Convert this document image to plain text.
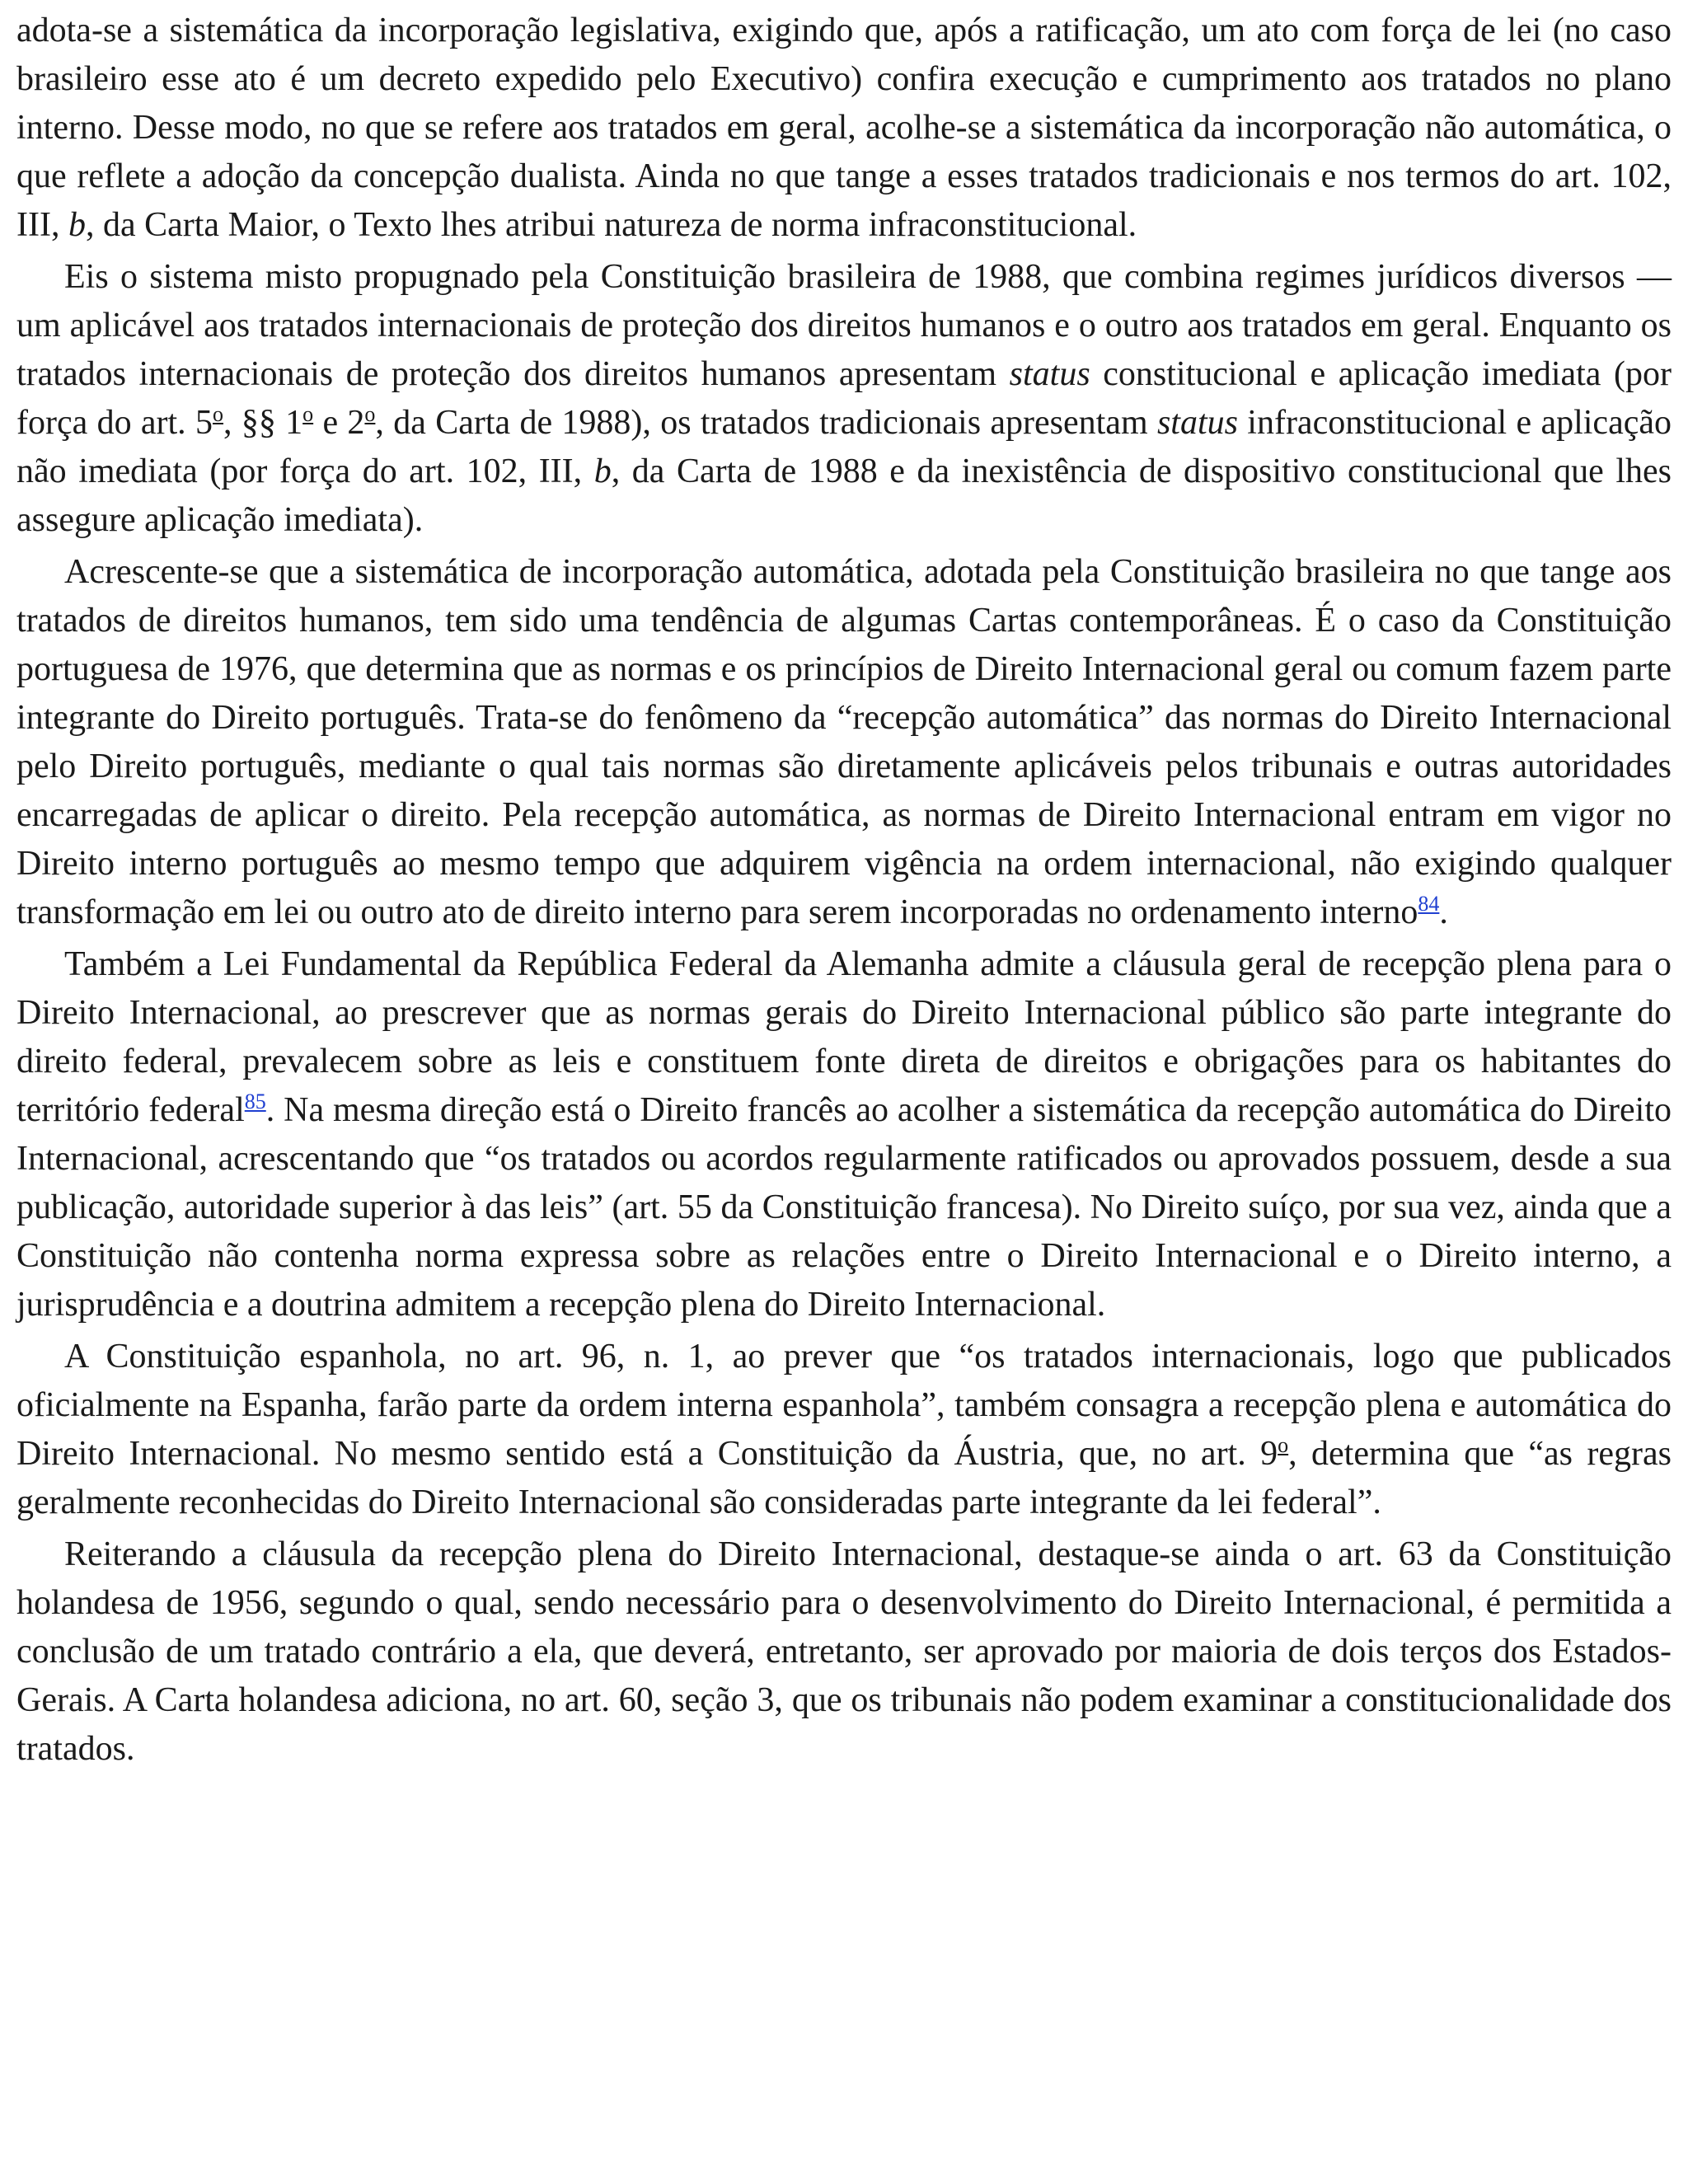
adota-se a sistemática da incorporação legislativa, exigindo que, após a ratificação, um ato com força de lei (no caso brasileiro esse ato é um decreto expedido pelo Executivo) confira execução e cumprimento aos tratados no plano interno. Desse modo, no que se refere aos tratados em geral, acolhe-se a sistemática da incorporação não automática, o que reflete a adoção da concepção dualista. Ainda no que tange a esses tratados tradicionais e nos termos do art. 102, III, b, da Carta Maior, o Texto lhes atribui natureza de norma infraconstitucional.

Eis o sistema misto propugnado pela Constituição brasileira de 1988, que combina regimes jurídicos diversos — um aplicável aos tratados internacionais de proteção dos direitos humanos e o outro aos tratados em geral. Enquanto os tratados internacionais de proteção dos direitos humanos apresentam status constitucional e aplicação imediata (por força do art. 5$^o$, §§ 1$^o$ e 2$^o$, da Carta de 1988), os tratados tradicionais apresentam status infraconstitucional e aplicação não imediata (por força do art. 102, III, b, da Carta de 1988 e da inexistência de dispositivo constitucional que lhes assegure aplicação imediata).

Acrescente-se que a sistemática de incorporação automática, adotada pela Constituição brasileira no que tange aos tratados de direitos humanos, tem sido uma tendência de algumas Cartas contemporâneas. É o caso da Constituição portuguesa de 1976, que determina que as normas e os princípios de Direito Internacional geral ou comum fazem parte integrante do Direito português. Trata-se do fenômeno da “recepção automática” das normas do Direito Internacional pelo Direito português, mediante o qual tais normas são diretamente aplicáveis pelos tribunais e outras autoridades encarregadas de aplicar o direito. Pela recepção automática, as normas de Direito Internacional entram em vigor no Direito interno português ao mesmo tempo que adquirem vigência na ordem internacional, não exigindo qualquer transformação em lei ou outro ato de direito interno para serem incorporadas no ordenamento interno$^{84}$.

Também a Lei Fundamental da República Federal da Alemanha admite a cláusula geral de recepção plena para o Direito Internacional, ao prescrever que as normas gerais do Direito Internacional público são parte integrante do direito federal, prevalecem sobre as leis e constituem fonte direta de direitos e obrigações para os habitantes do território federal$^{85}$. Na mesma direção está o Direito francês ao acolher a sistemática da recepção automática do Direito Internacional, acrescentando que “os tratados ou acordos regularmente ratificados ou aprovados possuem, desde a sua publicação, autoridade superior à das leis” (art. 55 da Constituição francesa). No Direito suíço, por sua vez, ainda que a Constituição não contenha norma expressa sobre as relações entre o Direito Internacional e o Direito interno, a jurisprudência e a doutrina admitem a recepção plena do Direito Internacional.

A Constituição espanhola, no art. 96, n. 1, ao prever que “os tratados internacionais, logo que publicados oficialmente na Espanha, farão parte da ordem interna espanhola”, também consagra a recepção plena e automática do Direito Internacional. No mesmo sentido está a Constituição da Áustria, que, no art. 9$^o$, determina que “as regras geralmente reconhecidas do Direito Internacional são consideradas parte integrante da lei federal”.

Reiterando a cláusula da recepção plena do Direito Internacional, destaque-se ainda o art. 63 da Constituição holandesa de 1956, segundo o qual, sendo necessário para o desenvolvimento do Direito Internacional, é permitida a conclusão de um tratado contrário a ela, que deverá, entretanto, ser aprovado por maioria de dois terços dos Estados-Gerais. A Carta holandesa adiciona, no art. 60, seção 3, que os tribunais não podem examinar a constitucionalidade dos tratados.
